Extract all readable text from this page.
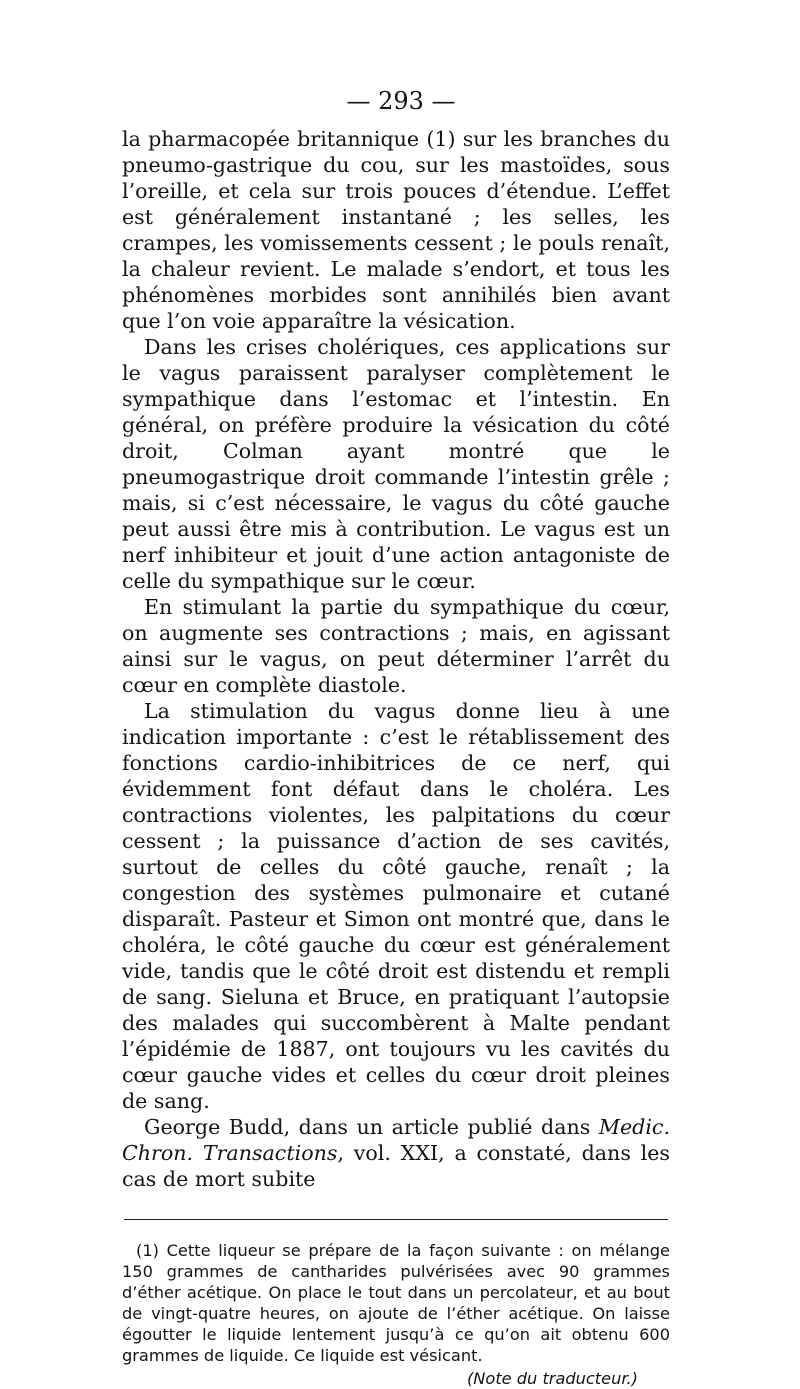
— 293 —

la pharmacopée britannique (1) sur les branches du pneumo-gastrique du cou, sur les mastoïdes, sous l’oreille, et cela sur trois pouces d’étendue. L’effet est généralement instantané ; les selles, les crampes, les vomissements cessent ; le pouls renaît, la chaleur revient. Le malade s’endort, et tous les phénomènes morbides sont annihilés bien avant que l’on voie apparaître la vésication.

Dans les crises cholériques, ces applications sur le vagus paraissent paralyser complètement le sympathique dans l’estomac et l’intestin. En général, on préfère produire la vésication du côté droit, Colman ayant montré que le pneumogastrique droit commande l’intestin grêle ; mais, si c’est nécessaire, le vagus du côté gauche peut aussi être mis à contribution. Le vagus est un nerf inhibiteur et jouit d’une action antagoniste de celle du sympathique sur le cœur.

En stimulant la partie du sympathique du cœur, on augmente ses contractions ; mais, en agissant ainsi sur le vagus, on peut déterminer l’arrêt du cœur en complète diastole.

La stimulation du vagus donne lieu à une indication importante : c’est le rétablissement des fonctions cardio-inhibitrices de ce nerf, qui évidemment font défaut dans le choléra. Les contractions violentes, les palpitations du cœur cessent ; la puissance d’action de ses cavités, surtout de celles du côté gauche, renaît ; la congestion des systèmes pulmonaire et cutané disparaît. Pasteur et Simon ont montré que, dans le choléra, le côté gauche du cœur est généralement vide, tandis que le côté droit est distendu et rempli de sang. Sieluna et Bruce, en pratiquant l’autopsie des malades qui succombèrent à Malte pendant l’épidémie de 1887, ont toujours vu les cavités du cœur gauche vides et celles du cœur droit pleines de sang.

George Budd, dans un article publié dans Medic. Chron. Transactions, vol. XXI, a constaté, dans les cas de mort subite

(1) Cette liqueur se prépare de la façon suivante : on mélange 150 grammes de cantharides pulvérisées avec 90 grammes d’éther acétique. On place le tout dans un percolateur, et au bout de vingt-quatre heures, on ajoute de l’éther acétique. On laisse égoutter le liquide lentement jusqu’à ce qu’on ait obtenu 600 grammes de liquide. Ce liquide est vésicant.

(Note du traducteur.)
